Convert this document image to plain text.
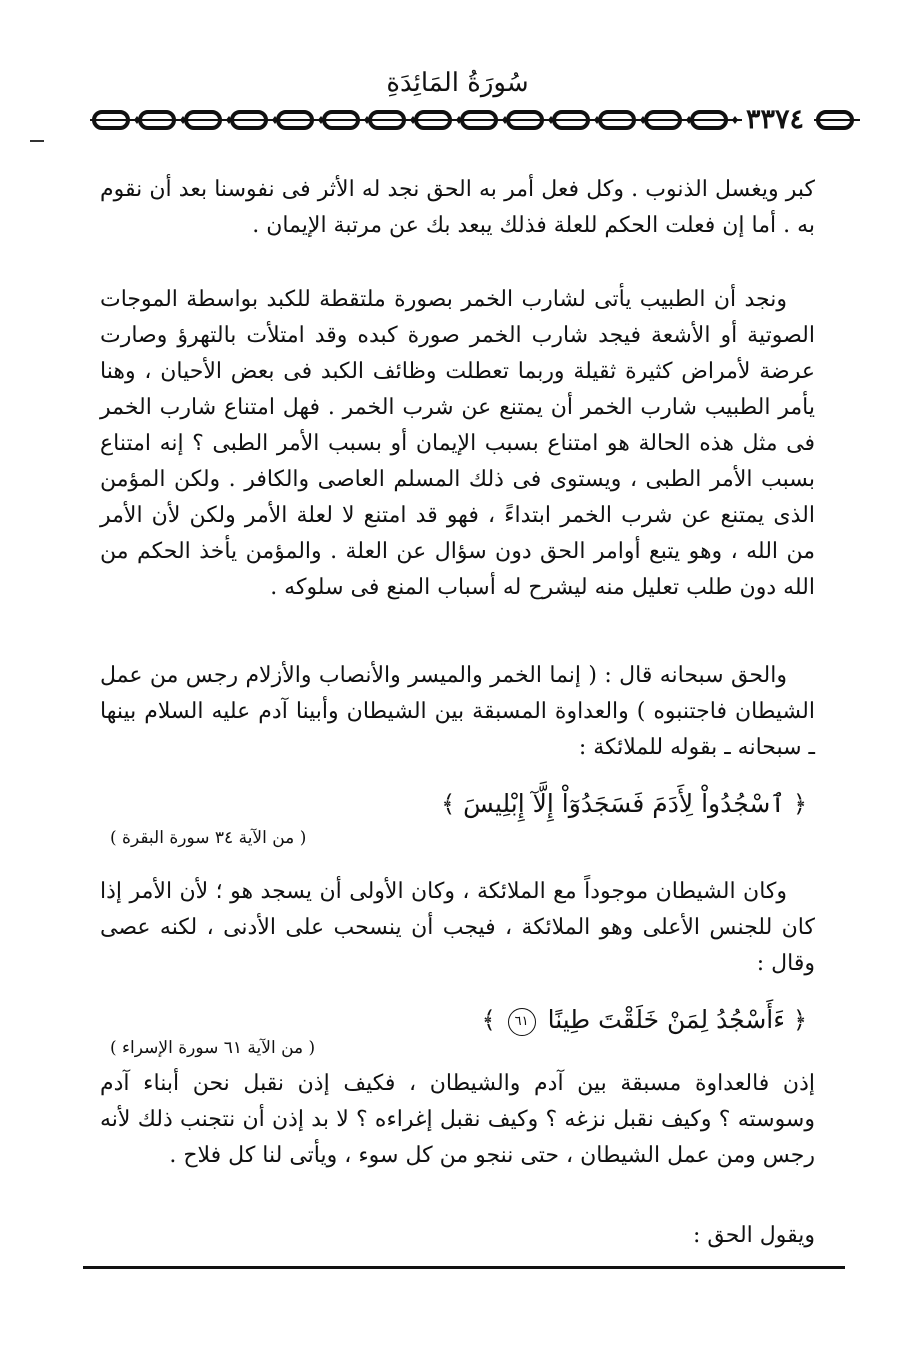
سُورَةُ المَائِدَةِ
٣٣٧٤

كبر ويغسل الذنوب . وكل فعل أمر به الحق نجد له الأثر فى نفوسنا بعد أن نقوم به . أما إن فعلت الحكم للعلة فذلك يبعد بك عن مرتبة الإيمان .

ونجد أن الطبيب يأتى لشارب الخمر بصورة ملتقطة للكبد بواسطة الموجات الصوتية أو الأشعة فيجد شارب الخمر صورة كبده وقد امتلأت بالتهرؤ وصارت عرضة لأمراض كثيرة ثقيلة وربما تعطلت وظائف الكبد فى بعض الأحيان ، وهنا يأمر الطبيب شارب الخمر أن يمتنع عن شرب الخمر . فهل امتناع شارب الخمر فى مثل هذه الحالة هو امتناع بسبب الإيمان أو بسبب الأمر الطبى ؟ إنه امتناع بسبب الأمر الطبى ، ويستوى فى ذلك المسلم العاصى والكافر . ولكن المؤمن الذى يمتنع عن شرب الخمر ابتداءً ، فهو قد امتنع لا لعلة الأمر ولكن لأن الأمر من الله ، وهو يتبع أوامر الحق دون سؤال عن العلة . والمؤمن يأخذ الحكم من الله دون طلب تعليل منه ليشرح له أسباب المنع فى سلوكه .

والحق سبحانه قال : ( إنما الخمر والميسر والأنصاب والأزلام رجس من عمل الشيطان فاجتنبوه ) والعداوة المسبقة بين الشيطان وأبينا آدم عليه السلام بينها ـ سبحانه ـ بقوله للملائكة :

﴿ ٱسْجُدُواْ لِأَدَمَ فَسَجَدُوٓاْ إِلَّآ إِبْلِيسَ ﴾
( من الآية ٣٤ سورة البقرة )

وكان الشيطان موجوداً مع الملائكة ، وكان الأولى أن يسجد هو ؛ لأن الأمر إذا كان للجنس الأعلى وهو الملائكة ، فيجب أن ينسحب على الأدنى ، لكنه عصى وقال :

﴿ ءَأَسْجُدُ لِمَنْ خَلَقْتَ طِينًا ٦١ ﴾
( من الآية ٦١ سورة الإسراء )

إذن فالعداوة مسبقة بين آدم والشيطان ، فكيف إذن نقبل نحن أبناء آدم وسوسته ؟ وكيف نقبل نزغه ؟ وكيف نقبل إغراءه ؟ لا بد إذن أن نتجنب ذلك لأنه رجس ومن عمل الشيطان ، حتى ننجو من كل سوء ، ويأتى لنا كل فلاح .

ويقول الحق :
